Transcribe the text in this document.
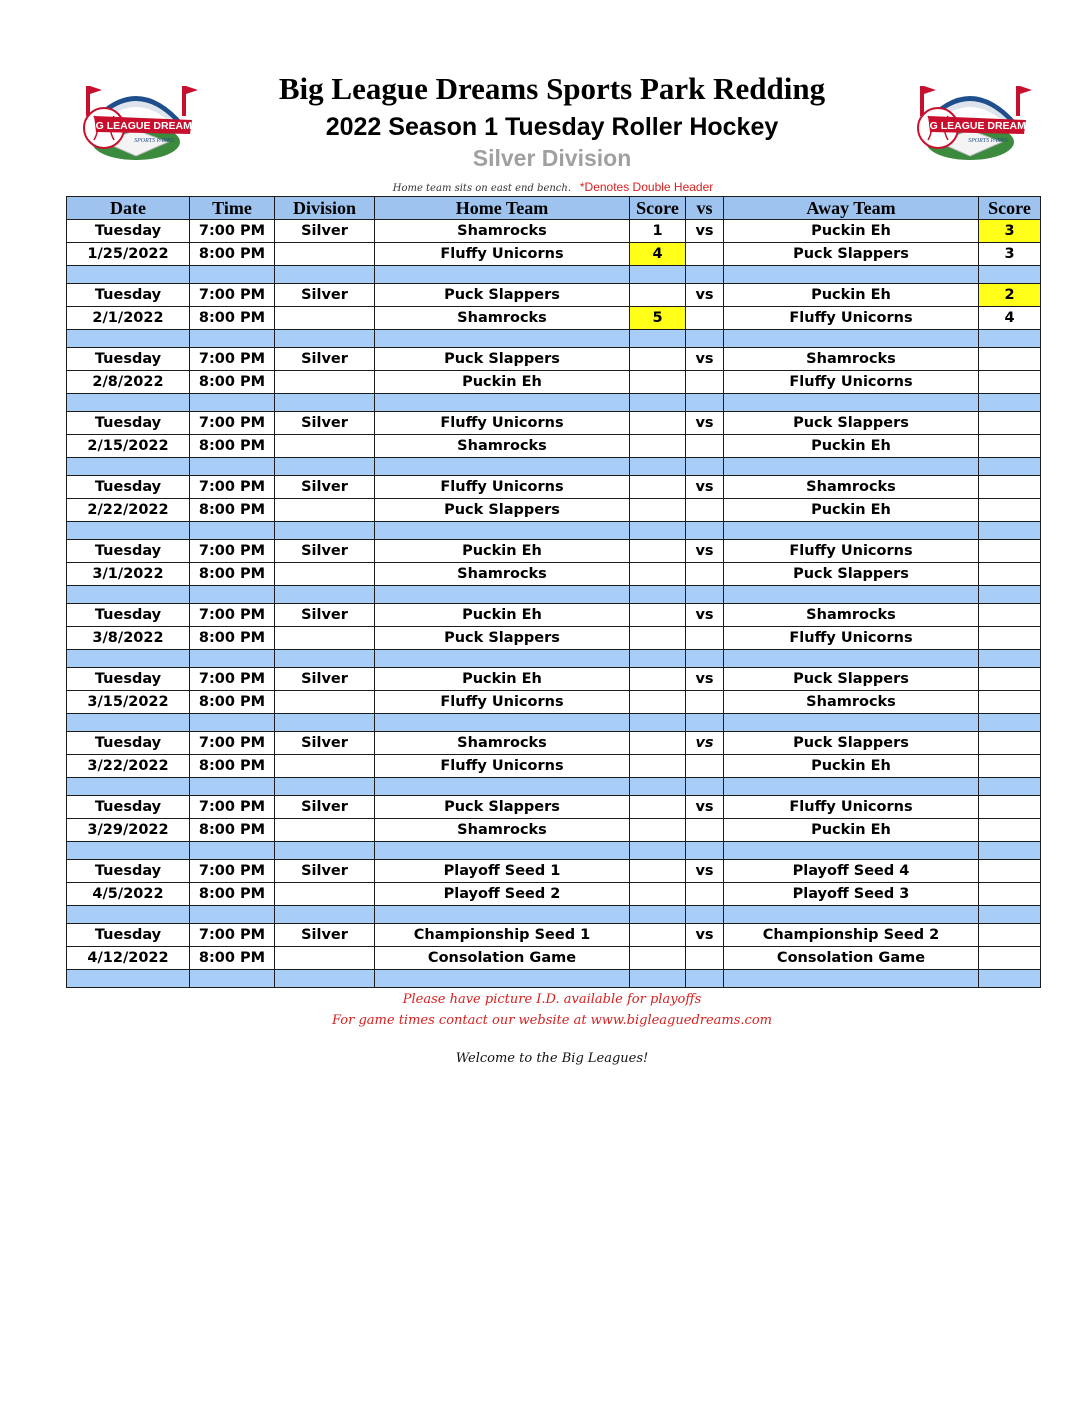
BIG LEAGUE DREAMS
SPORTS PARKS
BIG LEAGUE DREAMS
SPORTS PARKS
Big League Dreams Sports Park Redding
2022 Season 1 Tuesday Roller Hockey
Silver Division
Home team sits on east end bench. *Denotes Double Header
Date	Time	Division	Home Team	Score	vs	Away Team	Score
Tuesday	7:00 PM	Silver	Shamrocks	1	vs	Puckin Eh	3
1/25/2022	8:00 PM		Fluffy Unicorns	4		Puck Slappers	3

Tuesday	7:00 PM	Silver	Puck Slappers		vs	Puckin Eh	2
2/1/2022	8:00 PM		Shamrocks	5		Fluffy Unicorns	4

Tuesday	7:00 PM	Silver	Puck Slappers		vs	Shamrocks	
2/8/2022	8:00 PM		Puckin Eh			Fluffy Unicorns	

Tuesday	7:00 PM	Silver	Fluffy Unicorns		vs	Puck Slappers	
2/15/2022	8:00 PM		Shamrocks			Puckin Eh	

Tuesday	7:00 PM	Silver	Fluffy Unicorns		vs	Shamrocks	
2/22/2022	8:00 PM		Puck Slappers			Puckin Eh	

Tuesday	7:00 PM	Silver	Puckin Eh		vs	Fluffy Unicorns	
3/1/2022	8:00 PM		Shamrocks			Puck Slappers	

Tuesday	7:00 PM	Silver	Puckin Eh		vs	Shamrocks	
3/8/2022	8:00 PM		Puck Slappers			Fluffy Unicorns	

Tuesday	7:00 PM	Silver	Puckin Eh		vs	Puck Slappers	
3/15/2022	8:00 PM		Fluffy Unicorns			Shamrocks	

Tuesday	7:00 PM	Silver	Shamrocks		vs	Puck Slappers	
3/22/2022	8:00 PM		Fluffy Unicorns			Puckin Eh	

Tuesday	7:00 PM	Silver	Puck Slappers		vs	Fluffy Unicorns	
3/29/2022	8:00 PM		Shamrocks			Puckin Eh	

Tuesday	7:00 PM	Silver	Playoff Seed 1		vs	Playoff Seed 4	
4/5/2022	8:00 PM		Playoff Seed 2			Playoff Seed 3	

Tuesday	7:00 PM	Silver	Championship Seed 1		vs	Championship Seed 2	
4/12/2022	8:00 PM		Consolation Game			Consolation Game	

Please have picture I.D. available for playoffs
For game times contact our website at www.bigleaguedreams.com
Welcome to the Big Leagues!
